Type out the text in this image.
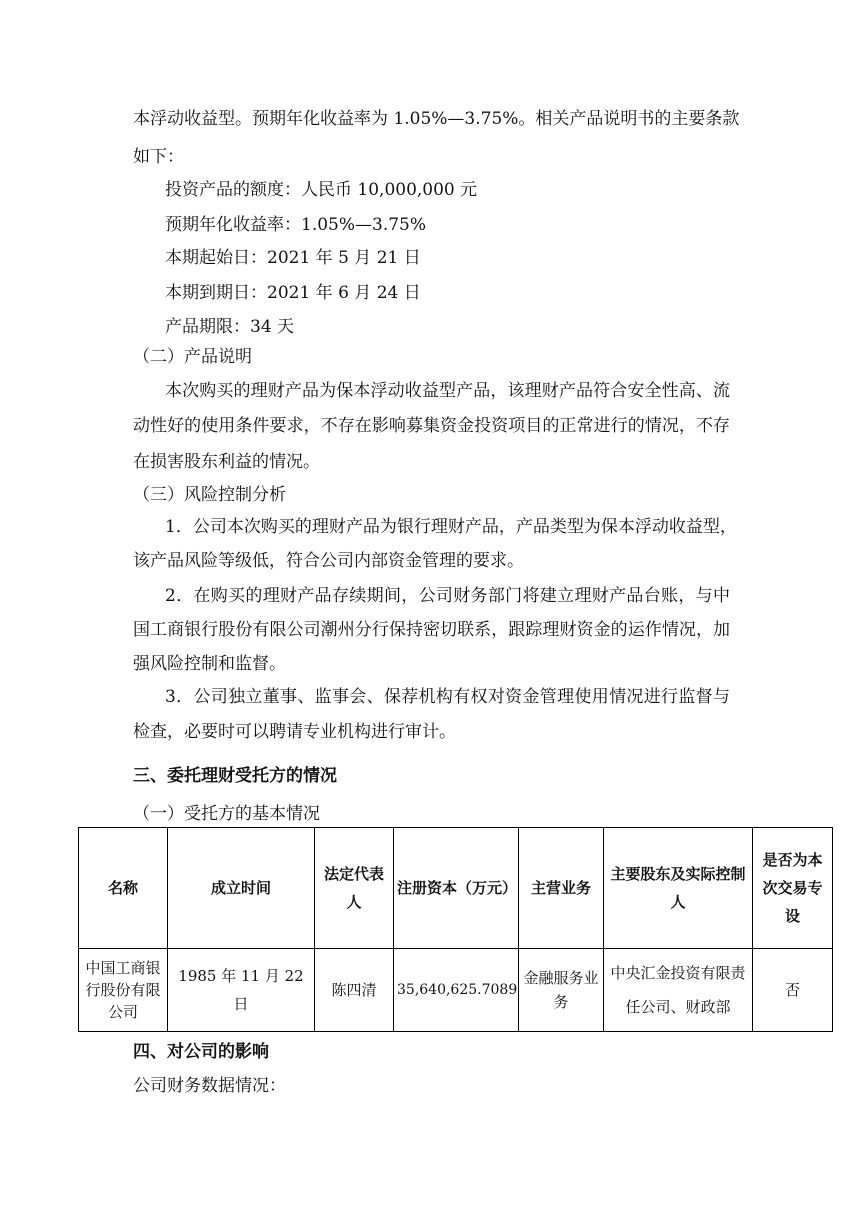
本浮动收益型。预期年化收益率为 1.05%—3.75%。相关产品说明书的主要条款
如下：
投资产品的额度：人民币 10,000,000 元
预期年化收益率：1.05%—3.75%
本期起始日：2021 年 5 月 21 日
本期到期日：2021 年 6 月 24 日
产品期限：34 天
（二）产品说明
本次购买的理财产品为保本浮动收益型产品，该理财产品符合安全性高、流
动性好的使用条件要求，不存在影响募集资金投资项目的正常进行的情况，不存
在损害股东利益的情况。
（三）风险控制分析
1．公司本次购买的理财产品为银行理财产品，产品类型为保本浮动收益型，
该产品风险等级低，符合公司内部资金管理的要求。
2．在购买的理财产品存续期间，公司财务部门将建立理财产品台账，与中
国工商银行股份有限公司潮州分行保持密切联系，跟踪理财资金的运作情况，加
强风险控制和监督。
3．公司独立董事、监事会、保荐机构有权对资金管理使用情况进行监督与
检查，必要时可以聘请专业机构进行审计。
三、委托理财受托方的情况
（一）受托方的基本情况
名称	成立时间	法定代表人	注册资本（万元）	主营业务	主要股东及实际控制人	是否为本次交易专设
中国工商银行股份有限公司	1985 年 11 月 22 日	陈四清	35,640,625.7089	金融服务业务	中央汇金投资有限责任公司、财政部	否
四、对公司的影响
公司财务数据情况：
